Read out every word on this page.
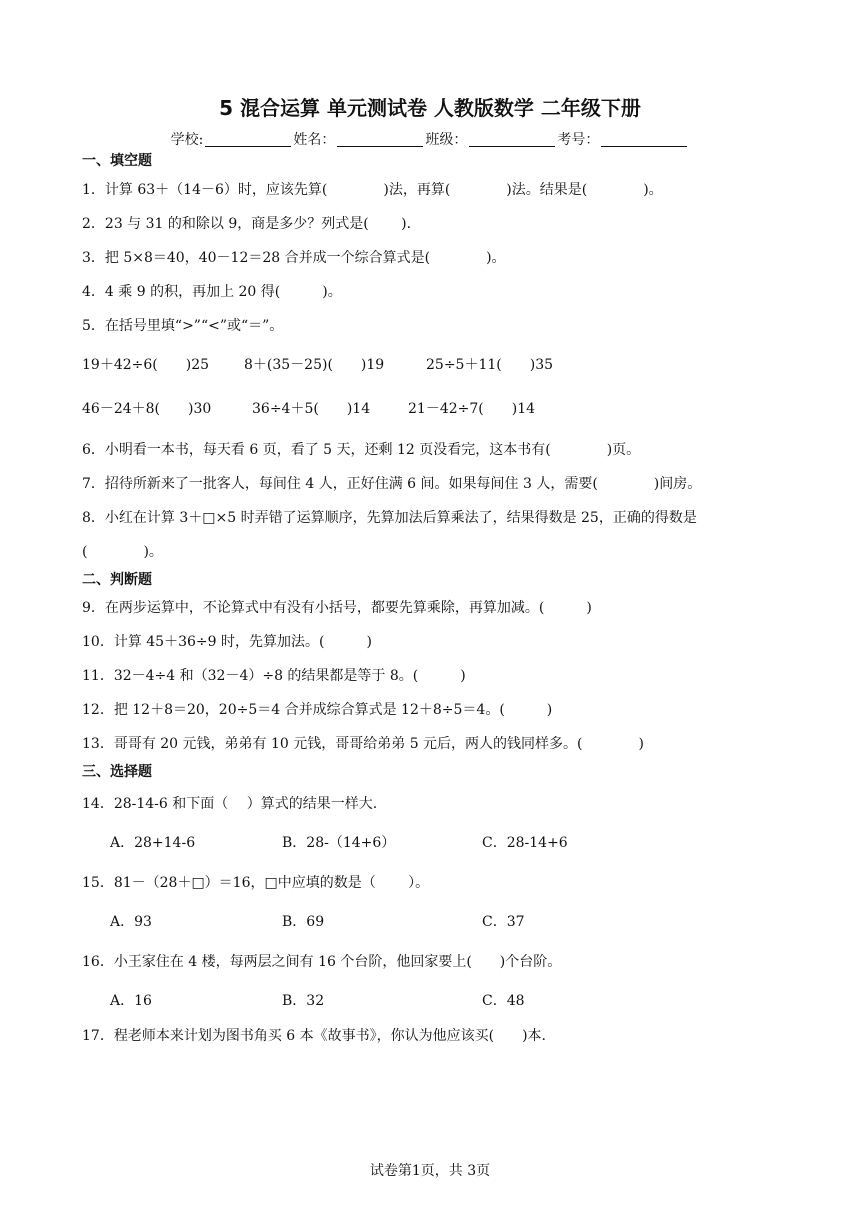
5 混合运算 单元测试卷 人教版数学 二年级下册
学校:	姓名：	班级：	考号：
一、填空题
1．计算 63＋（14－6）时，应该先算(　　　　)法，再算(　　　　)法。结果是(　　　　)。
2．23 与 31 的和除以 9，商是多少？列式是(　　 ).
3．把 5×8＝40，40－12＝28 合并成一个综合算式是(　　　　)。
4．4 乘 9 的积，再加上 20 得(　　　)。
5．在括号里填“>”“<”或“＝”。
19＋42÷6(　　)25 8＋(35－25)(　　)19	25÷5＋11(　　)35
46－24＋8(　　)30	36÷4＋5(　　)14	21－42÷7(　　)14
6．小明看一本书，每天看 6 页，看了 5 天，还剩 12 页没看完，这本书有(　　　　)页。
7．招待所新来了一批客人，每间住 4 人，正好住满 6 间。如果每间住 3 人，需要(　　　　)间房。
8．小红在计算 3＋□×5 时弄错了运算顺序，先算加法后算乘法了，结果得数是 25，正确的得数是
(　　　　)。
二、判断题
9．在两步运算中，不论算式中有没有小括号，都要先算乘除，再算加减。(　　　)
10．计算 45＋36÷9 时，先算加法。(　　　)
11．32－4÷4 和（32－4）÷8 的结果都是等于 8。(　　　)
12．把 12＋8＝20，20÷5＝4 合并成综合算式是 12＋8÷5＝4。(　　　)
13．哥哥有 20 元钱，弟弟有 10 元钱，哥哥给弟弟 5 元后，两人的钱同样多。(　　　　)
三、选择题
14．28-14-6 和下面（　 ）算式的结果一样大.
A．28+14-6	B．28-（14+6）	C．28-14+6
15．81－（28＋□）＝16，□中应填的数是（　　 ）。
A．93	B．69	C．37
16．小王家住在 4 楼，每两层之间有 16 个台阶，他回家要上(　　)个台阶。
A．16	B．32	C．48
17．程老师本来计划为图书角买 6 本《故事书》，你认为他应该买(　　)本.
试卷第1页，共 3页
